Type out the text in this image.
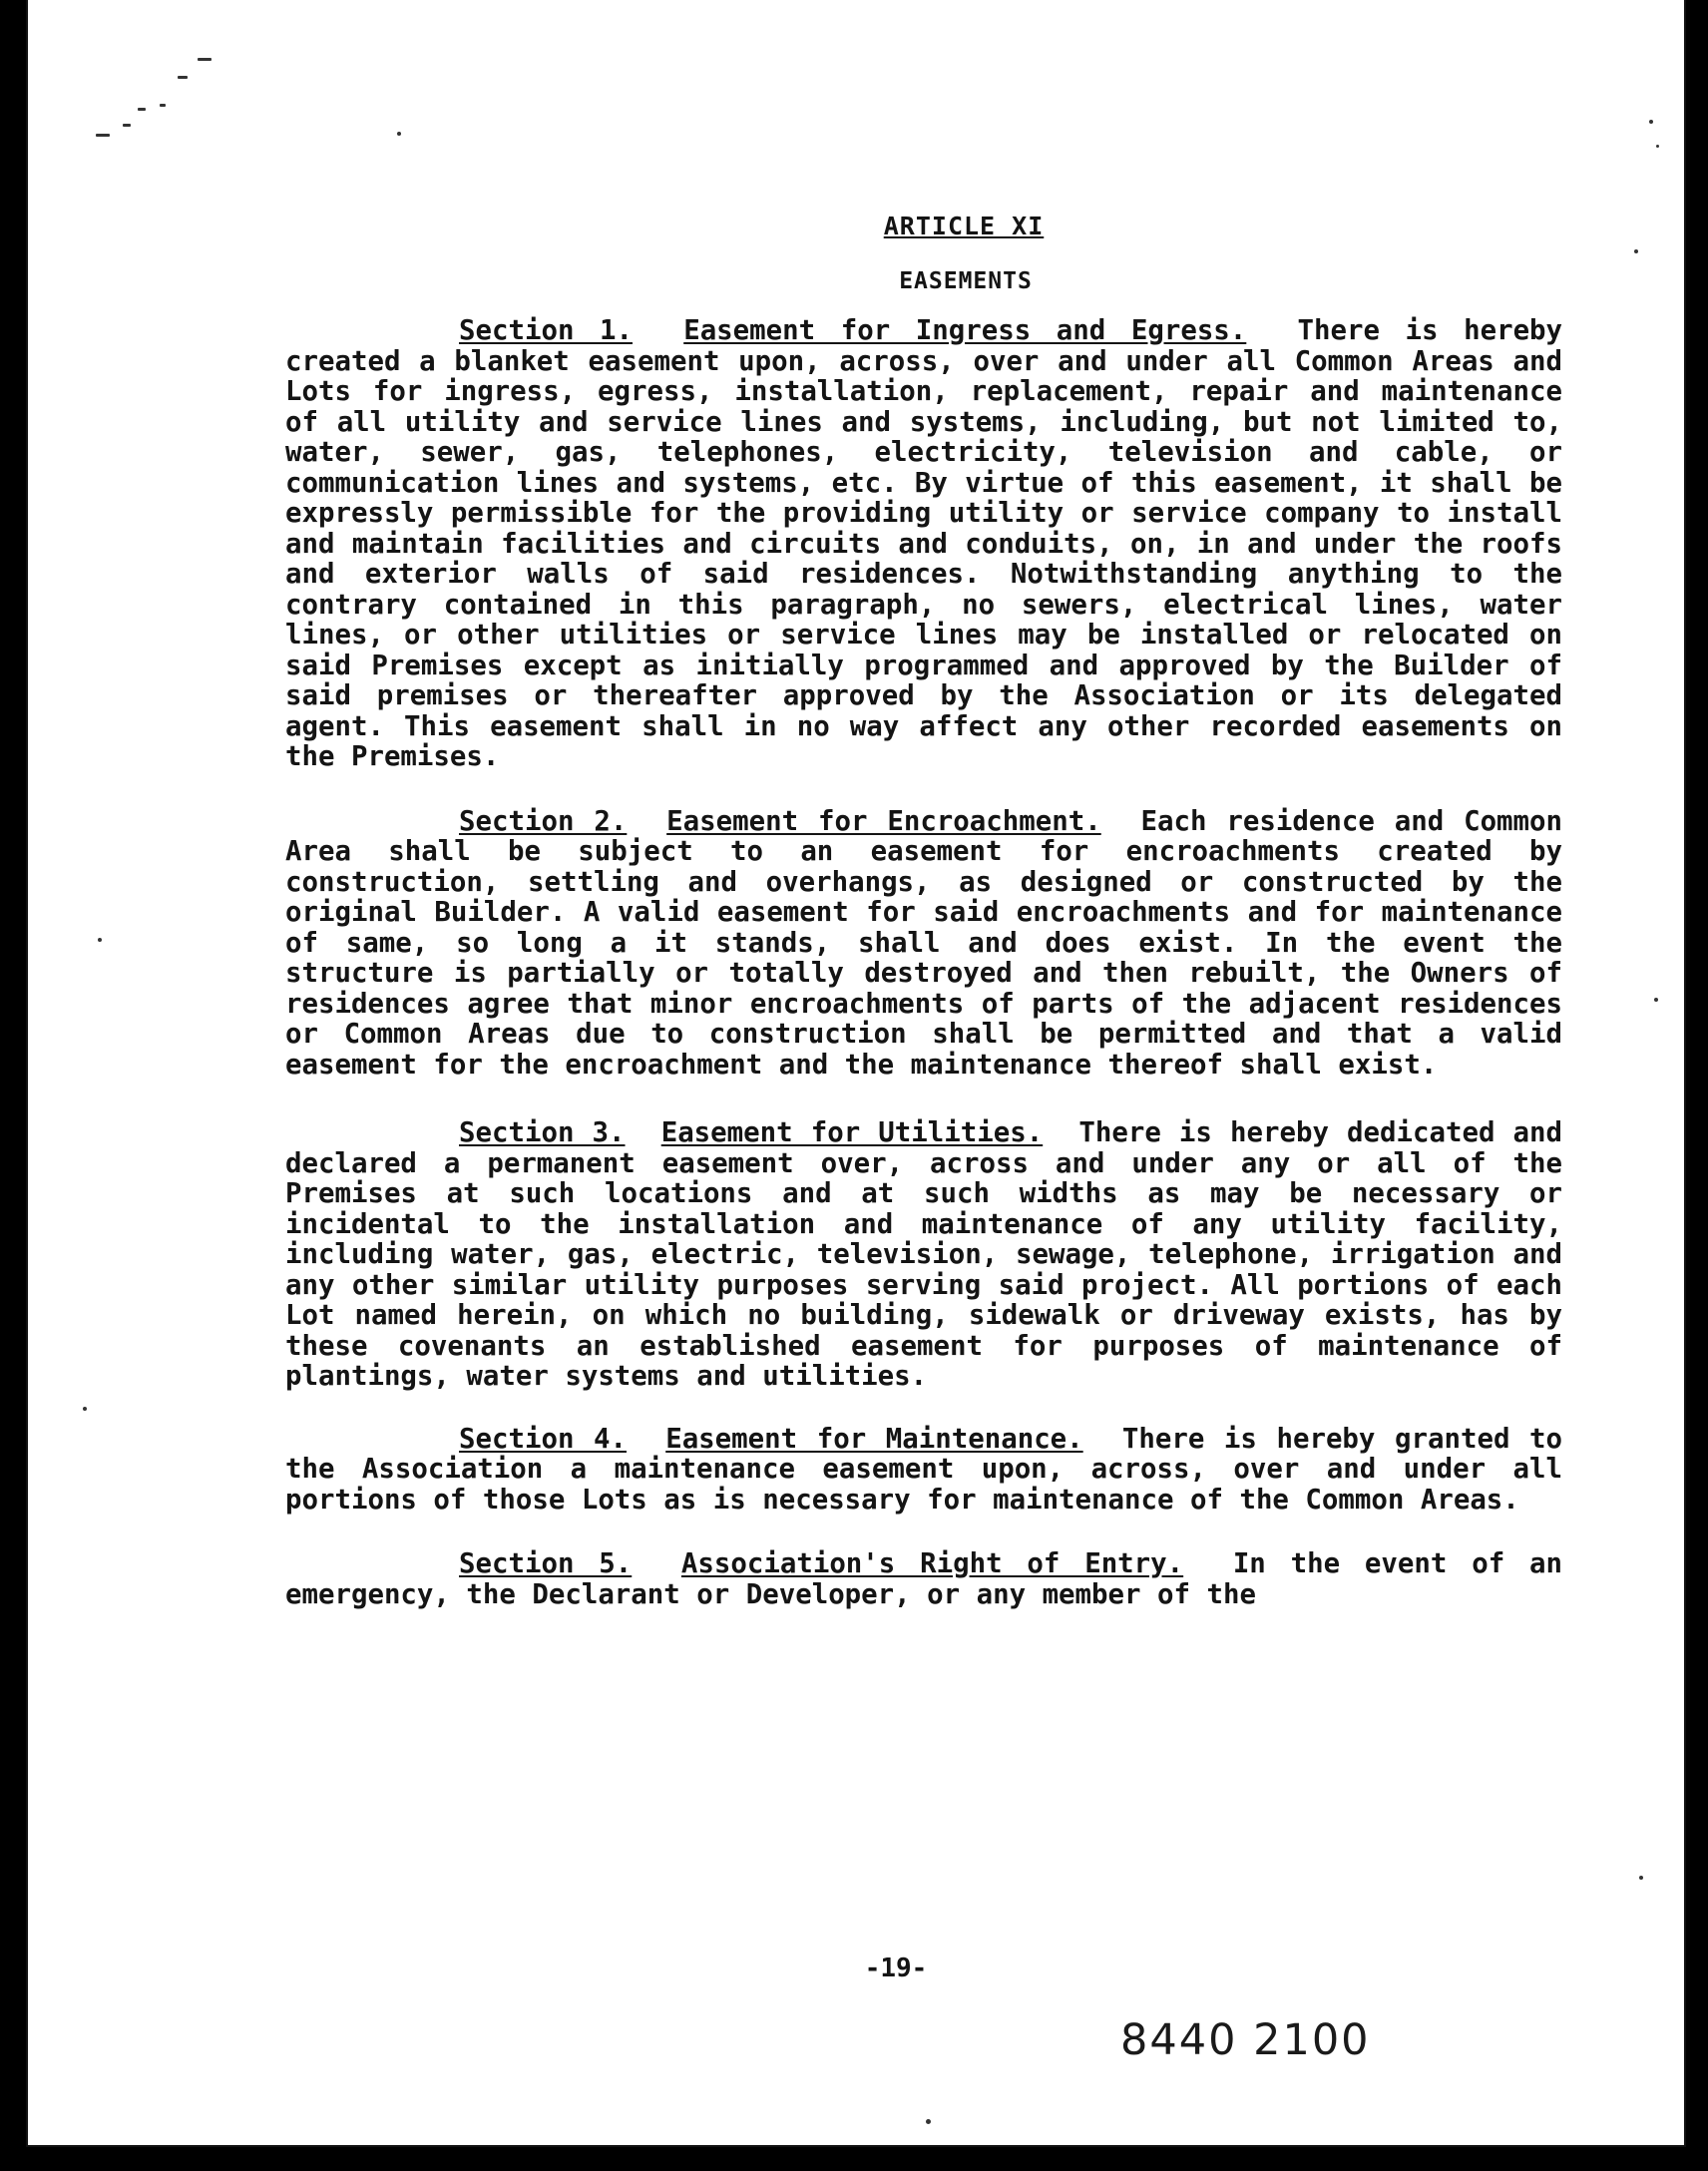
ARTICLE XI

EASEMENTS

Section 1. Easement for Ingress and Egress. There is hereby created a blanket easement upon, across, over and under all Common Areas and Lots for ingress, egress, installation, replacement, repair and maintenance of all utility and service lines and systems, including, but not limited to, water, sewer, gas, telephones, electricity, television and cable, or communication lines and systems, etc. By virtue of this easement, it shall be expressly permissible for the providing utility or service company to install and maintain facilities and circuits and conduits, on, in and under the roofs and exterior walls of said residences. Notwithstanding anything to the contrary contained in this paragraph, no sewers, electrical lines, water lines, or other utilities or service lines may be installed or relocated on said Premises except as initially programmed and approved by the Builder of said premises or thereafter approved by the Association or its delegated agent. This easement shall in no way affect any other recorded easements on the Premises.

Section 2. Easement for Encroachment. Each residence and Common Area shall be subject to an easement for encroachments created by construction, settling and overhangs, as designed or constructed by the original Builder. A valid easement for said encroachments and for maintenance of same, so long a it stands, shall and does exist. In the event the structure is partially or totally destroyed and then rebuilt, the Owners of residences agree that minor encroachments of parts of the adjacent residences or Common Areas due to construction shall be permitted and that a valid easement for the encroachment and the maintenance thereof shall exist.

Section 3. Easement for Utilities. There is hereby dedicated and declared a permanent easement over, across and under any or all of the Premises at such locations and at such widths as may be necessary or incidental to the installation and maintenance of any utility facility, including water, gas, electric, television, sewage, telephone, irrigation and any other similar utility purposes serving said project. All portions of each Lot named herein, on which no building, sidewalk or driveway exists, has by these covenants an established easement for purposes of maintenance of plantings, water systems and utilities.

Section 4. Easement for Maintenance. There is hereby granted to the Association a maintenance easement upon, across, over and under all portions of those Lots as is necessary for maintenance of the Common Areas.

Section 5. Association's Right of Entry. In the event of an emergency, the Declarant or Developer, or any member of the

-19-
8440 2100
